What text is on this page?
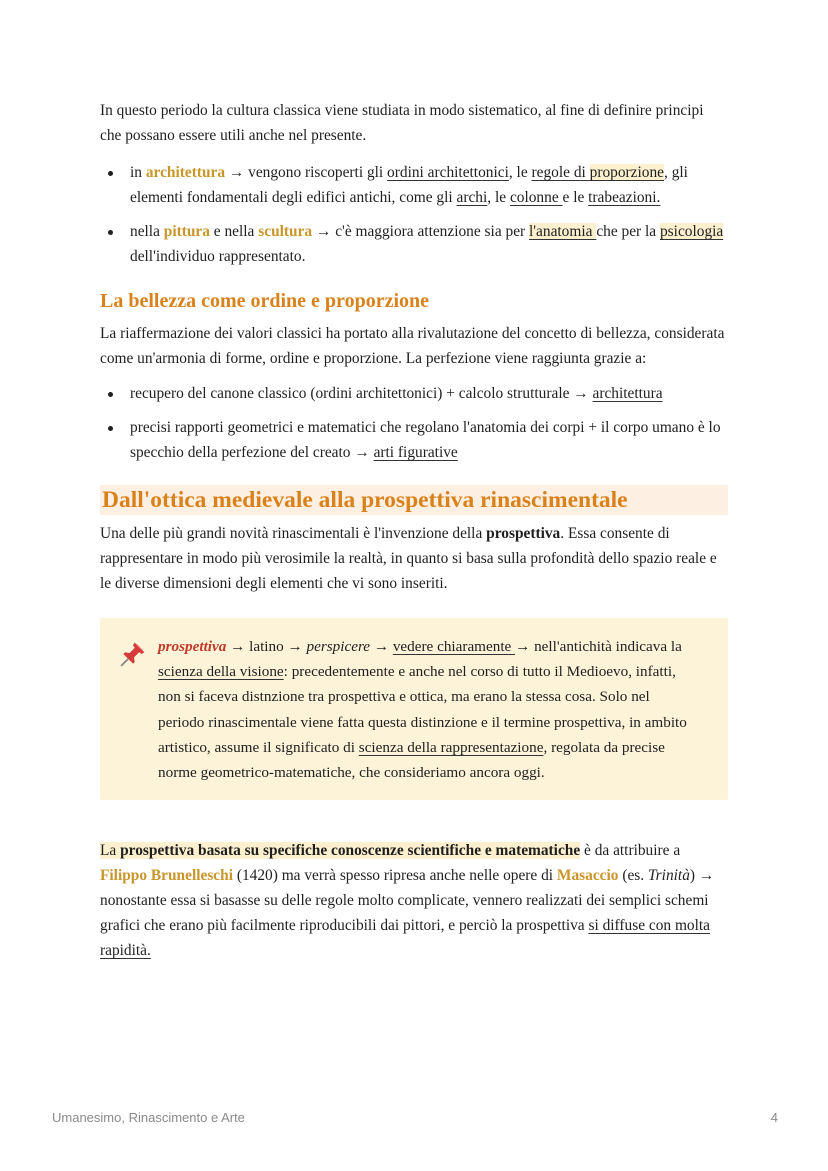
In questo periodo la cultura classica viene studiata in modo sistematico, al fine di definire principi che possano essere utili anche nel presente.

in architettura → vengono riscoperti gli ordini architettonici, le regole di proporzione, gli elementi fondamentali degli edifici antichi, come gli archi, le colonne e le trabeazioni.
nella pittura e nella scultura → c'è maggiora attenzione sia per l'anatomia che per la psicologia dell'individuo rappresentato.
La bellezza come ordine e proporzione

La riaffermazione dei valori classici ha portato alla rivalutazione del concetto di bellezza, considerata come un'armonia di forme, ordine e proporzione. La perfezione viene raggiunta grazie a:

recupero del canone classico (ordini architettonici) + calcolo strutturale → architettura
precisi rapporti geometrici e matematici che regolano l'anatomia dei corpi + il corpo umano è lo specchio della perfezione del creato → arti figurative
Dall'ottica medievale alla prospettiva rinascimentale

Una delle più grandi novità rinascimentali è l'invenzione della prospettiva. Essa consente di rappresentare in modo più verosimile la realtà, in quanto si basa sulla profondità dello spazio reale e le diverse dimensioni degli elementi che vi sono inseriti.

prospettiva → latino → perspicere → vedere chiaramente → nell'antichità indicava la scienza della visione: precedentemente e anche nel corso di tutto il Medioevo, infatti, non si faceva distnzione tra prospettiva e ottica, ma erano la stessa cosa. Solo nel periodo rinascimentale viene fatta questa distinzione e il termine prospettiva, in ambito artistico, assume il significato di scienza della rappresentazione, regolata da precise norme geometrico-matematiche, che consideriamo ancora oggi.

La prospettiva basata su specifiche conoscenze scientifiche e matematiche è da attribuire a Filippo Brunelleschi (1420) ma verrà spesso ripresa anche nelle opere di Masaccio (es. Trinità) → nonostante essa si basasse su delle regole molto complicate, vennero realizzati dei semplici schemi grafici che erano più facilmente riproducibili dai pittori, e perciò la prospettiva si diffuse con molta rapidità.

Umanesimo, Rinascimento e Arte	4
